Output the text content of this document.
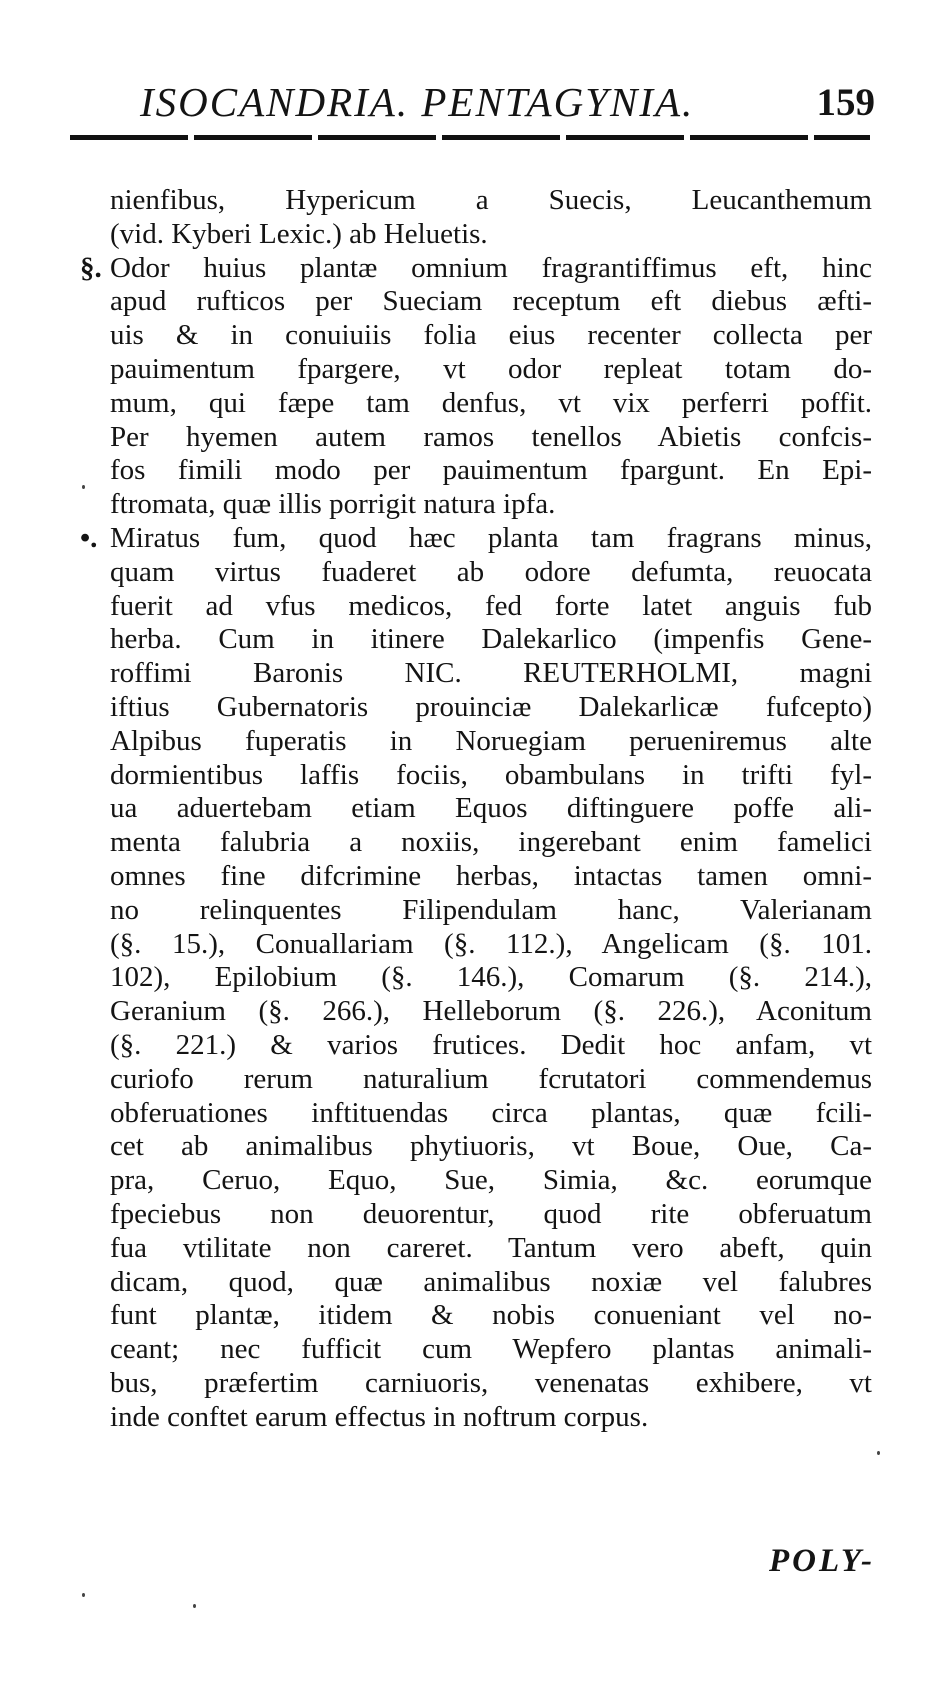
ISOCANDRIA. PENTAGYNIA.	159
nienfibus, Hypericum a Suecis, Leucanthemum
(vid. Kyberi Lexic.) ab Heluetis.
§. Odor huius plantæ omnium fragrantiffimus eft, hinc
apud rufticos per Sueciam receptum eft diebus æfti-
uis & in conuiuiis folia eius recenter collecta per
pauimentum fpargere, vt odor repleat totam do-
mum, qui fæpe tam denfus, vt vix perferri poffit.
Per hyemen autem ramos tenellos Abietis confcis-
fos fimili modo per pauimentum fpargunt. En Epi-
ftromata, quæ illis porrigit natura ipfa.
•. Miratus fum, quod hæc planta tam fragrans minus,
quam virtus fuaderet ab odore defumta, reuocata
fuerit ad vfus medicos, fed forte latet anguis fub
herba. Cum in itinere Dalekarlico (impenfis Gene-
roffimi Baronis NIC. REUTERHOLMI, magni
iftius Gubernatoris prouinciæ Dalekarlicæ fufcepto)
Alpibus fuperatis in Noruegiam perueniremus alte
dormientibus laffis fociis, obambulans in trifti fyl-
ua aduertebam etiam Equos diftinguere poffe ali-
menta falubria a noxiis, ingerebant enim famelici
omnes fine difcrimine herbas, intactas tamen omni-
no relinquentes Filipendulam hanc, Valerianam
(§. 15.), Conuallariam (§. 112.), Angelicam (§. 101.
102), Epilobium (§. 146.), Comarum (§. 214.),
Geranium (§. 266.), Helleborum (§. 226.), Aconitum
(§. 221.) & varios frutices. Dedit hoc anfam, vt
curiofo rerum naturalium fcrutatori commendemus
obferuationes inftituendas circa plantas, quæ fcili-
cet ab animalibus phytiuoris, vt Boue, Oue, Ca-
pra, Ceruo, Equo, Sue, Simia, &c. eorumque
fpeciebus non deuorentur, quod rite obferuatum
fua vtilitate non careret. Tantum vero abeft, quin
dicam, quod, quæ animalibus noxiæ vel falubres
funt plantæ, itidem & nobis conueniant vel no-
ceant; nec fufficit cum Wepfero plantas animali-
bus, præfertim carniuoris, venenatas exhibere, vt
inde conftet earum effectus in noftrum corpus.
POLY-
